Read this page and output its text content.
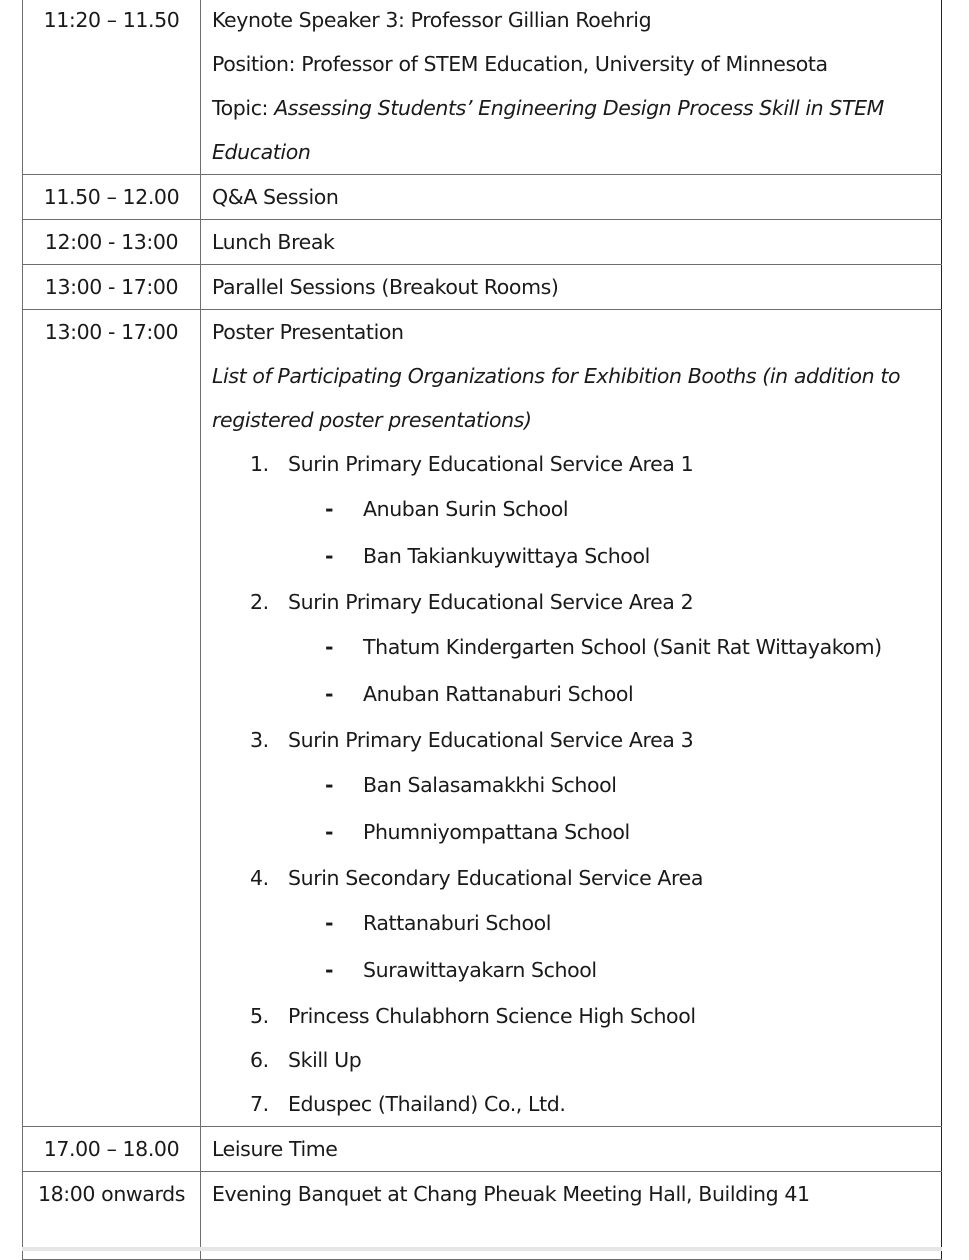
11:20 – 11.50	Keynote Speaker 3: Professor Gillian Roehrig
Position: Professor of STEM Education, University of Minnesota
Topic: Assessing Students’ Engineering Design Process Skill in STEM
Education

11.50 – 12.00	Q&A Session
12:00 - 13:00	Lunch Break
13:00 - 17:00	Parallel Sessions (Breakout Rooms)
13:00 - 17:00	Poster Presentation
List of Participating Organizations for Exhibition Booths (in addition to
registered poster presentations)
1. Surin Primary Educational Service Area 1
- Anuban Surin School
- Ban Takiankuywittaya School
2. Surin Primary Educational Service Area 2
- Thatum Kindergarten School (Sanit Rat Wittayakom)
- Anuban Rattanaburi School
3. Surin Primary Educational Service Area 3
- Ban Salasamakkhi School
- Phumniyompattana School
4. Surin Secondary Educational Service Area
- Rattanaburi School
- Surawittayakarn School
5. Princess Chulabhorn Science High School
6. Skill Up
7. Eduspec (Thailand) Co., Ltd.

17.00 – 18.00	Leisure Time
18:00 onwards	Evening Banquet at Chang Pheuak Meeting Hall, Building 41
